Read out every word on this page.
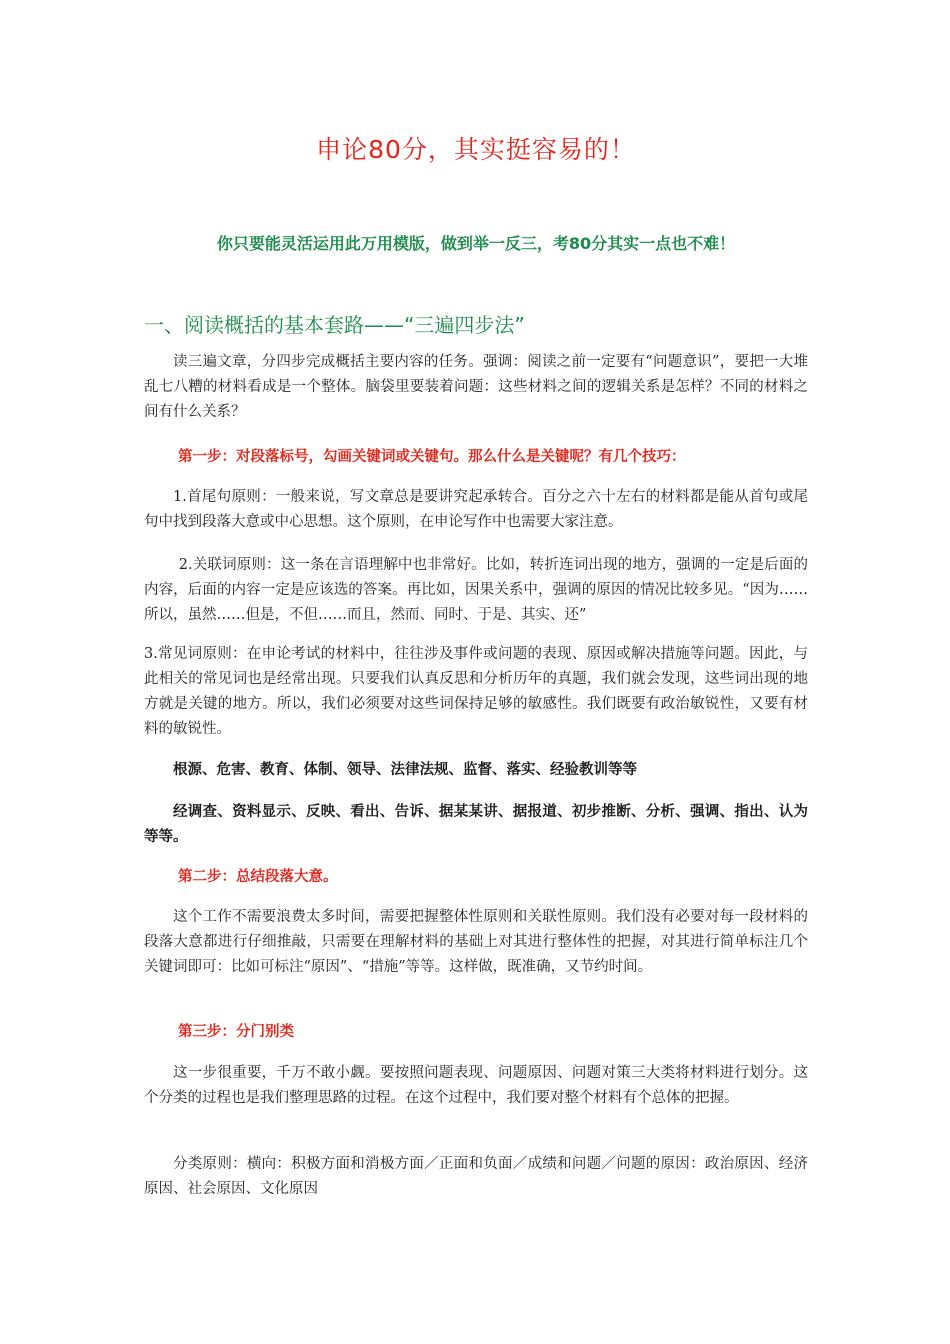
申论80分，其实挺容易的！

你只要能灵活运用此万用模版，做到举一反三，考80分其实一点也不难！

一、阅读概括的基本套路——“三遍四步法”

读三遍文章，分四步完成概括主要内容的任务。强调：阅读之前一定要有“问题意识”，要把一大堆乱七八糟的材料看成是一个整体。脑袋里要装着问题：这些材料之间的逻辑关系是怎样？不同的材料之间有什么关系？

第一步：对段落标号，勾画关键词或关键句。那么什么是关键呢？有几个技巧：

1.首尾句原则：一般来说，写文章总是要讲究起承转合。百分之六十左右的材料都是能从首句或尾句中找到段落大意或中心思想。这个原则，在申论写作中也需要大家注意。

2.关联词原则：这一条在言语理解中也非常好。比如，转折连词出现的地方，强调的一定是后面的内容，后面的内容一定是应该选的答案。再比如，因果关系中，强调的原因的情况比较多见。“因为……所以，虽然……但是，不但……而且，然而、同时、于是、其实、还”

3.常见词原则：在申论考试的材料中，往往涉及事件或问题的表现、原因或解决措施等问题。因此，与此相关的常见词也是经常出现。只要我们认真反思和分析历年的真题，我们就会发现，这些词出现的地方就是关键的地方。所以，我们必须要对这些词保持足够的敏感性。我们既要有政治敏锐性，又要有材料的敏锐性。

根源、危害、教育、体制、领导、法律法规、监督、落实、经验教训等等

经调查、资料显示、反映、看出、告诉、据某某讲、据报道、初步推断、分析、强调、指出、认为等等。

第二步：总结段落大意。

这个工作不需要浪费太多时间，需要把握整体性原则和关联性原则。我们没有必要对每一段材料的段落大意都进行仔细推敲，只需要在理解材料的基础上对其进行整体性的把握，对其进行简单标注几个关键词即可：比如可标注“原因”、“措施”等等。这样做，既准确，又节约时间。

第三步：分门别类

这一步很重要，千万不敢小觑。要按照问题表现、问题原因、问题对策三大类将材料进行划分。这个分类的过程也是我们整理思路的过程。在这个过程中，我们要对整个材料有个总体的把握。

分类原则：横向：积极方面和消极方面／正面和负面／成绩和问题／问题的原因：政治原因、经济原因、社会原因、文化原因
